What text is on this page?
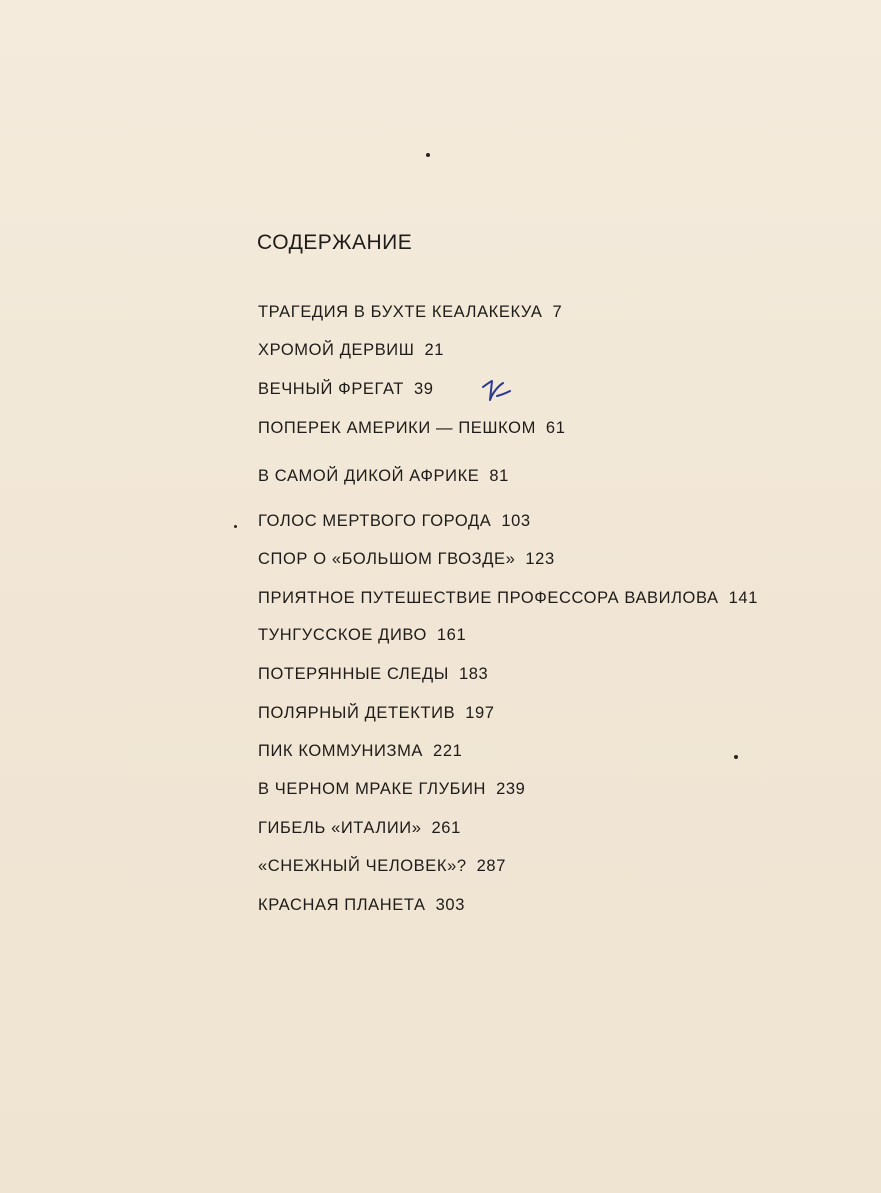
СОДЕРЖАНИЕ
ТРАГЕДИЯ В БУХТЕ КЕАЛАКЕКУА 7
ХРОМОЙ ДЕРВИШ 21
ВЕЧНЫЙ ФРЕГАТ 39
ПОПЕРЕК АМЕРИКИ — ПЕШКОМ 61
В САМОЙ ДИКОЙ АФРИКЕ 81
ГОЛОС МЕРТВОГО ГОРОДА 103
СПОР О «БОЛЬШОМ ГВОЗДЕ» 123
ПРИЯТНОЕ ПУТЕШЕСТВИЕ ПРОФЕССОРА ВАВИЛОВА 141
ТУНГУССКОЕ ДИВО 161
ПОТЕРЯННЫЕ СЛЕДЫ 183
ПОЛЯРНЫЙ ДЕТЕКТИВ 197
ПИК КОММУНИЗМА 221
В ЧЕРНОМ МРАКЕ ГЛУБИН 239
ГИБЕЛЬ «ИТАЛИИ» 261
«СНЕЖНЫЙ ЧЕЛОВЕК»? 287
КРАСНАЯ ПЛАНЕТА 303
